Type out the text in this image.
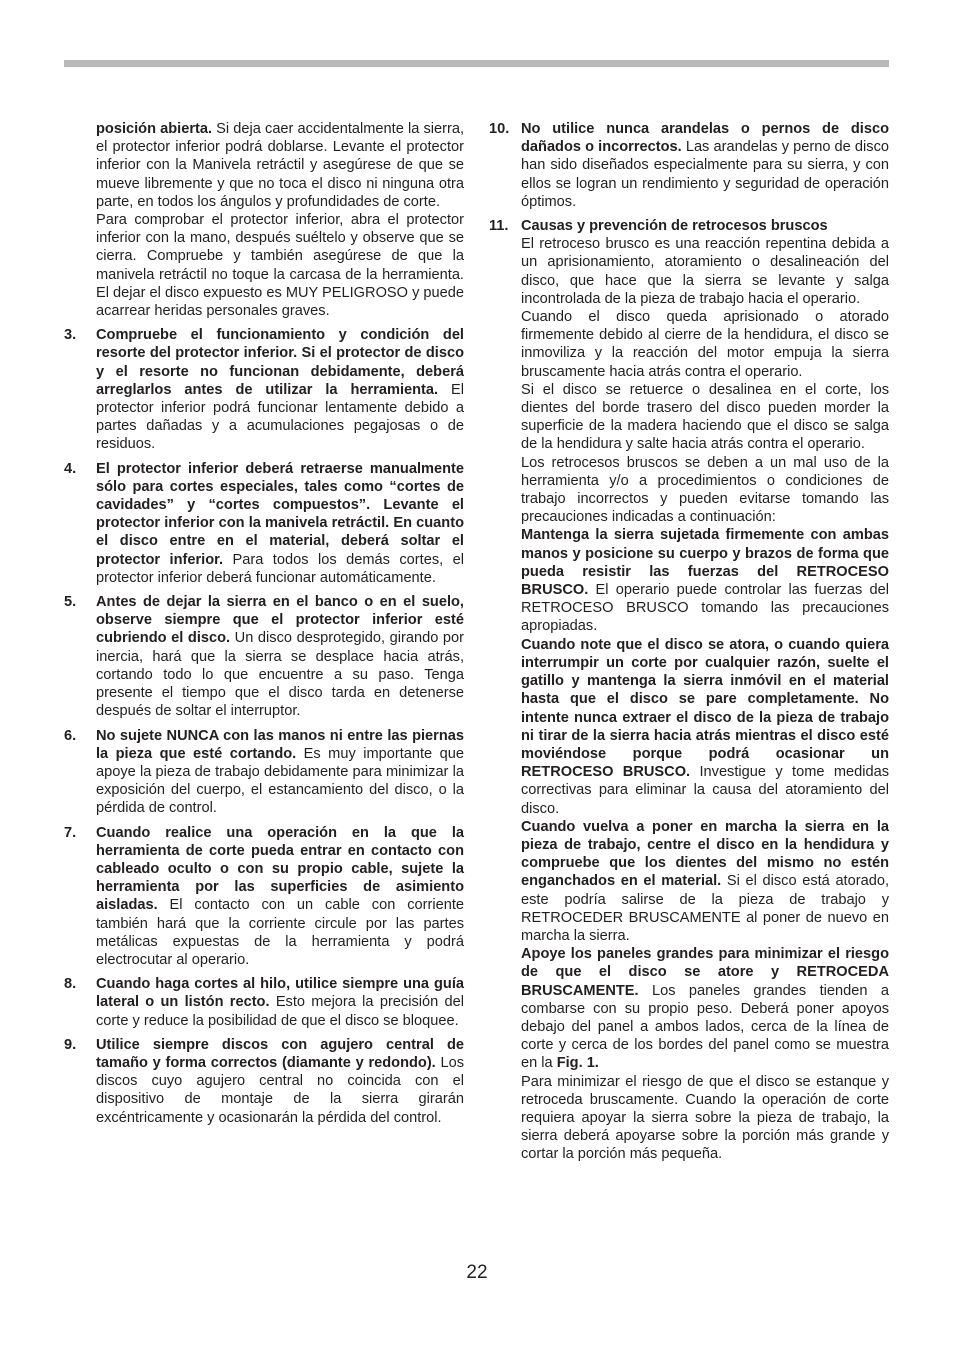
posición abierta. Si deja caer accidentalmente la sierra, el protector inferior podrá doblarse. Levante el protector inferior con la Manivela retráctil y asegúrese de que se mueve libremente y que no toca el disco ni ninguna otra parte, en todos los ángulos y profundidades de corte.
Para comprobar el protector inferior, abra el protector inferior con la mano, después suéltelo y observe que se cierra. Compruebe y también asegúrese de que la manivela retráctil no toque la carcasa de la herramienta. El dejar el disco expuesto es MUY PELIGROSO y puede acarrear heridas personales graves.
3. Compruebe el funcionamiento y condición del resorte del protector inferior. Si el protector de disco y el resorte no funcionan debidamente, deberá arreglarlos antes de utilizar la herramienta. El protector inferior podrá funcionar lentamente debido a partes dañadas y a acumulaciones pegajosas o de residuos.
4. El protector inferior deberá retraerse manualmente sólo para cortes especiales, tales como “cortes de cavidades” y “cortes compuestos”. Levante el protector inferior con la manivela retráctil. En cuanto el disco entre en el material, deberá soltar el protector inferior. Para todos los demás cortes, el protector inferior deberá funcionar automáticamente.
5. Antes de dejar la sierra en el banco o en el suelo, observe siempre que el protector inferior esté cubriendo el disco. Un disco desprotegido, girando por inercia, hará que la sierra se desplace hacia atrás, cortando todo lo que encuentre a su paso. Tenga presente el tiempo que el disco tarda en detenerse después de soltar el interruptor.
6. No sujete NUNCA con las manos ni entre las piernas la pieza que esté cortando. Es muy importante que apoye la pieza de trabajo debidamente para minimizar la exposición del cuerpo, el estancamiento del disco, o la pérdida de control.
7. Cuando realice una operación en la que la herramienta de corte pueda entrar en contacto con cableado oculto o con su propio cable, sujete la herramienta por las superficies de asimiento aisladas. El contacto con un cable con corriente también hará que la corriente circule por las partes metálicas expuestas de la herramienta y podrá electrocutar al operario.
8. Cuando haga cortes al hilo, utilice siempre una guía lateral o un listón recto. Esto mejora la precisión del corte y reduce la posibilidad de que el disco se bloquee.
9. Utilice siempre discos con agujero central de tamaño y forma correctos (diamante y redondo). Los discos cuyo agujero central no coincida con el dispositivo de montaje de la sierra girarán excéntricamente y ocasionarán la pérdida del control.
10. No utilice nunca arandelas o pernos de disco dañados o incorrectos. Las arandelas y perno de disco han sido diseñados especialmente para su sierra, y con ellos se logran un rendimiento y seguridad de operación óptimos.
11. Causas y prevención de retrocesos bruscos
El retroceso brusco es una reacción repentina debida a un aprisionamiento, atoramiento o desalineación del disco, que hace que la sierra se levante y salga incontrolada de la pieza de trabajo hacia el operario.
Cuando el disco queda aprisionado o atorado firmemente debido al cierre de la hendidura, el disco se inmoviliza y la reacción del motor empuja la sierra bruscamente hacia atrás contra el operario.
Si el disco se retuerce o desalinea en el corte, los dientes del borde trasero del disco pueden morder la superficie de la madera haciendo que el disco se salga de la hendidura y salte hacia atrás contra el operario.
Los retrocesos bruscos se deben a un mal uso de la herramienta y/o a procedimientos o condiciones de trabajo incorrectos y pueden evitarse tomando las precauciones indicadas a continuación:
Mantenga la sierra sujetada firmemente con ambas manos y posicione su cuerpo y brazos de forma que pueda resistir las fuerzas del RETROCESO BRUSCO. El operario puede controlar las fuerzas del RETROCESO BRUSCO tomando las precauciones apropiadas.
Cuando note que el disco se atora, o cuando quiera interrumpir un corte por cualquier razón, suelte el gatillo y mantenga la sierra inmóvil en el material hasta que el disco se pare completamente. No intente nunca extraer el disco de la pieza de trabajo ni tirar de la sierra hacia atrás mientras el disco esté moviéndose porque podrá ocasionar un RETROCESO BRUSCO. Investigue y tome medidas correctivas para eliminar la causa del atoramiento del disco.
Cuando vuelva a poner en marcha la sierra en la pieza de trabajo, centre el disco en la hendidura y compruebe que los dientes del mismo no estén enganchados en el material. Si el disco está atorado, este podría salirse de la pieza de trabajo y RETROCEDER BRUSCAMENTE al poner de nuevo en marcha la sierra.
Apoye los paneles grandes para minimizar el riesgo de que el disco se atore y RETROCEDA BRUSCAMENTE. Los paneles grandes tienden a combarse con su propio peso. Deberá poner apoyos debajo del panel a ambos lados, cerca de la línea de corte y cerca de los bordes del panel como se muestra en la Fig. 1.
Para minimizar el riesgo de que el disco se estanque y retroceda bruscamente. Cuando la operación de corte requiera apoyar la sierra sobre la pieza de trabajo, la sierra deberá apoyarse sobre la porción más grande y cortar la porción más pequeña.
22
